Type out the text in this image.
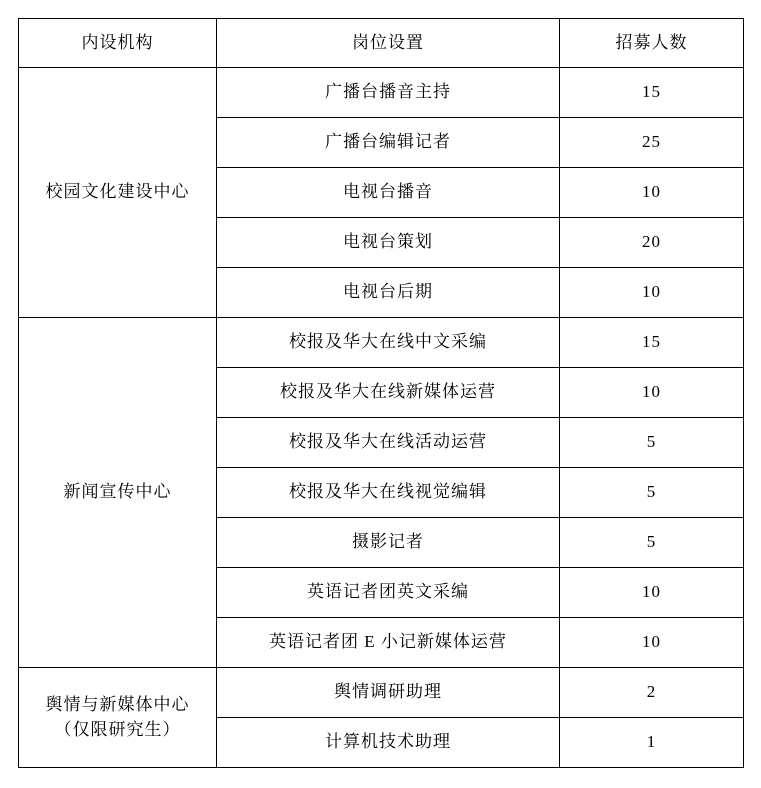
内设机构	岗位设置	招募人数

校园文化建设中心	广播台播音主持	15
	广播台编辑记者	25
	电视台播音	10
	电视台策划	20
	电视台后期	10

新闻宣传中心	校报及华大在线中文采编	15
	校报及华大在线新媒体运营	10
	校报及华大在线活动运营	5
	校报及华大在线视觉编辑	5
	摄影记者	5
	英语记者团英文采编	10
	英语记者团 E 小记新媒体运营	10

舆情与新媒体中心
（仅限研究生）	舆情调研助理	2
	计算机技术助理	1
